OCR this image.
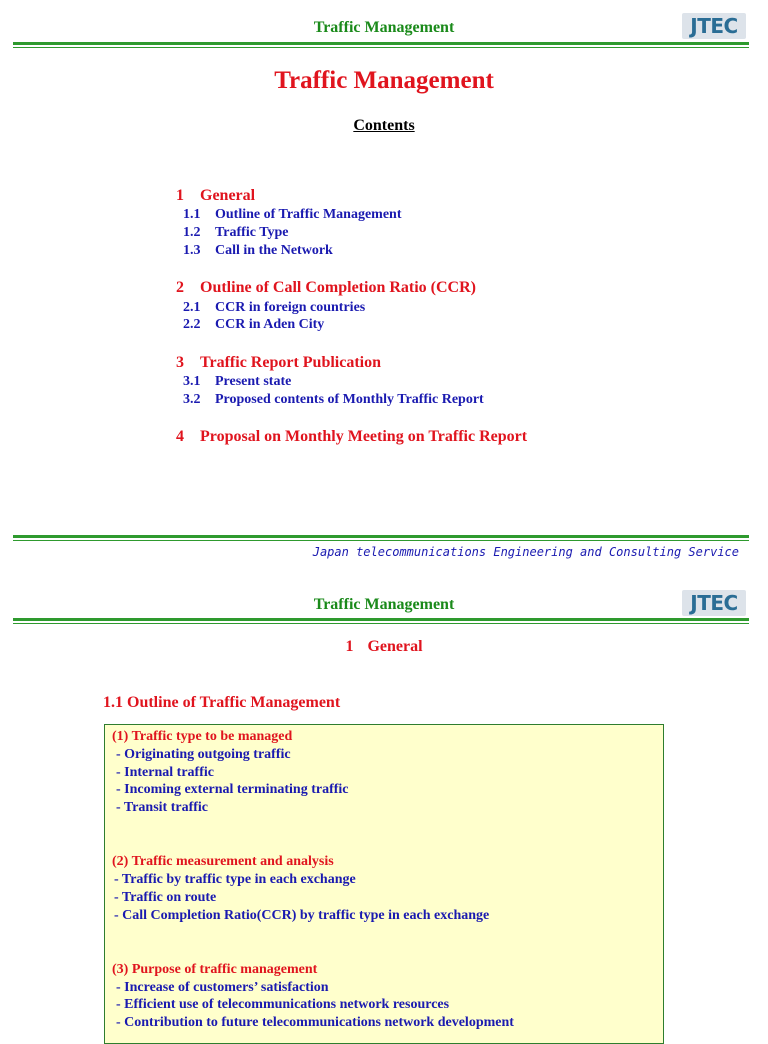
Traffic Management	JTEC
Traffic Management
Contents
1 General
1.1 Outline of Traffic Management
1.2 Traffic Type
1.3 Call in the Network
2 Outline of Call Completion Ratio (CCR)
2.1 CCR in foreign countries
2.2 CCR in Aden City
3 Traffic Report Publication
3.1 Present state
3.2 Proposed contents of Monthly Traffic Report
4 Proposal on Monthly Meeting on Traffic Report
Japan telecommunications Engineering and Consulting Service
Traffic Management	JTEC
1 General
1.1 Outline of Traffic Management
(1) Traffic type to be managed
- Originating outgoing traffic
- Internal traffic
- Incoming external terminating traffic
- Transit traffic
(2) Traffic measurement and analysis
- Traffic by traffic type in each exchange
- Traffic on route
- Call Completion Ratio(CCR) by traffic type in each exchange
(3) Purpose of traffic management
- Increase of customers’ satisfaction
- Efficient use of telecommunications network resources
- Contribution to future telecommunications network development
